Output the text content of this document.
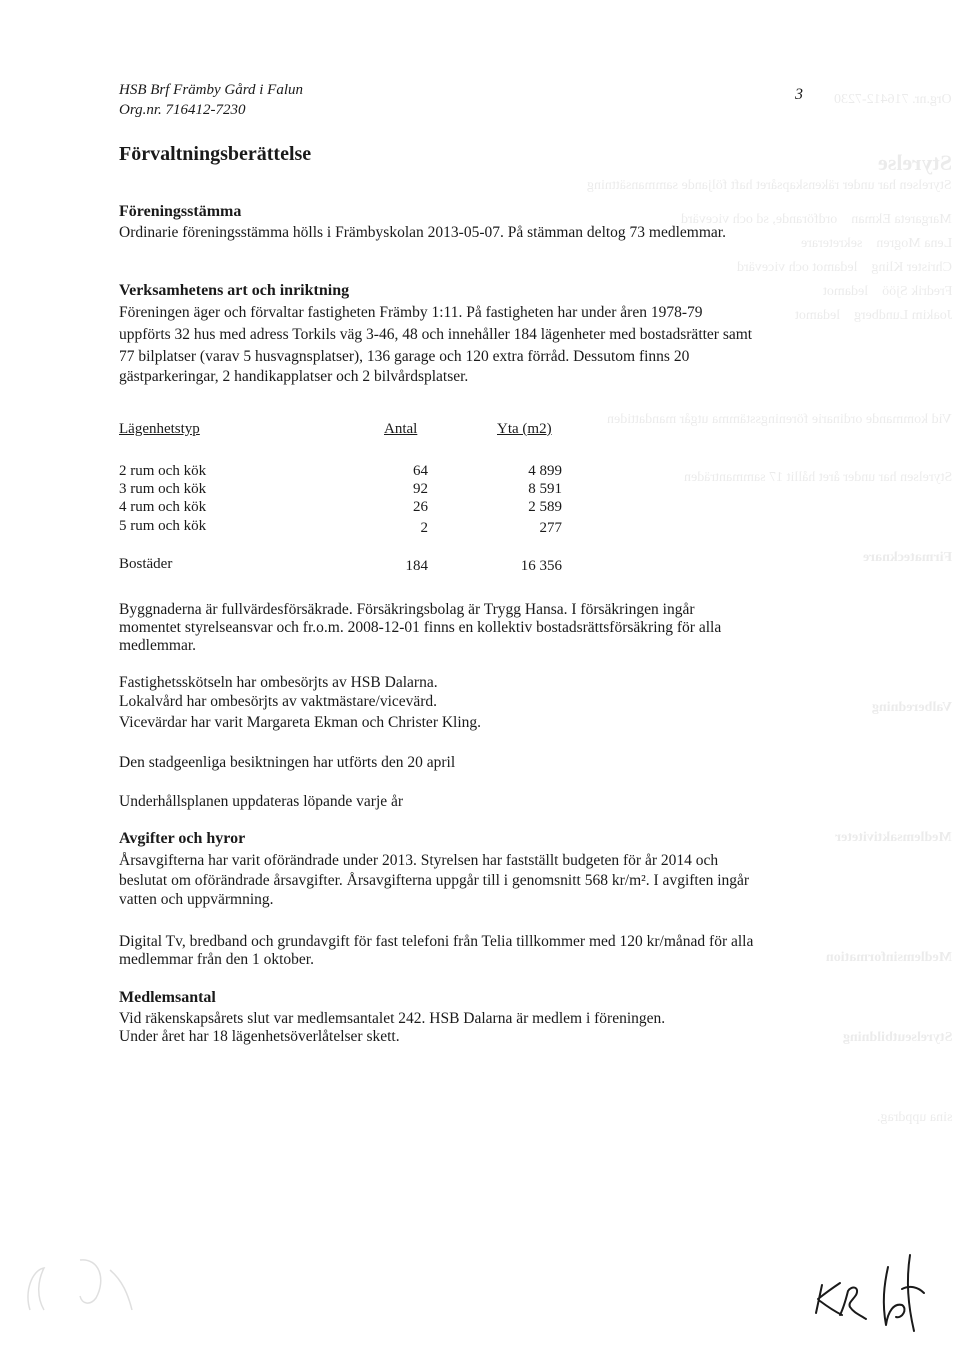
Org.nr. 716412-7230
Styrelse
Styrelsen har under räkenskapsåret haft följande sammansättning
Margareta Ekman    ordförande, sd och vicevärd
Lena Mogren    sekreterare
Christer Kling    ledamot och vicevärd
Fredrik Sjöö    ledamot
Joakim Lundberg    ledamot
Vid kommande ordinarie föreningsstämma utgår mandattiden
Styrelsen har under året hållit 17 sammanträden
Firmatecknare
Valberedning
Medlemsaktiviteter
Medlemsinformation
Styrelseutbildning
sina uppdrag.
HSB Brf Främby Gård i Falun
Org.nr. 716412-7230
3
Förvaltningsberättelse
Föreningsstämma
Ordinarie föreningsstämma hölls i Främbyskolan 2013-05-07. På stämman deltog 73 medlemmar.
Verksamhetens art och inriktning
Föreningen äger och förvaltar fastigheten Främby 1:11. På fastigheten har under åren 1978-79
uppförts 32 hus med adress Torkils väg 3-46, 48 och innehåller 184 lägenheter med bostadsrätter samt
77 bilplatser (varav 5 husvagnsplatser), 136 garage och 120 extra förråd. Dessutom finns 20
gästparkeringar, 2 handikapplatser och 2 bilvårdsplatser.
Lägenhetstyp	Antal	Yta (m2)
2 rum och kök	64	4 899
3 rum och kök	92	8 591
4 rum och kök	26	2 589
5 rum och kök	2	277
Bostäder	184	16 356
Byggnaderna är fullvärdesförsäkrade. Försäkringsbolag är Trygg Hansa. I försäkringen ingår
momentet styrelseansvar och fr.o.m. 2008-12-01 finns en kollektiv bostadsrättsförsäkring för alla
medlemmar.
Fastighetsskötseln har ombesörjts av HSB Dalarna.
Lokalvård har ombesörjts av vaktmästare/vicevärd.
Vicevärdar har varit Margareta Ekman och Christer Kling.
Den stadgeenliga besiktningen har utförts den 20 april
Underhållsplanen uppdateras löpande varje år
Avgifter och hyror
Årsavgifterna har varit oförändrade under 2013. Styrelsen har fastställt budgeten för år 2014 och
beslutat om oförändrade årsavgifter. Årsavgifterna uppgår till i genomsnitt 568 kr/m². I avgiften ingår
vatten och uppvärmning.
Digital Tv, bredband och grundavgift för fast telefoni från Telia tillkommer med 120 kr/månad för alla
medlemmar från den 1 oktober.
Medlemsantal
Vid räkenskapsårets slut var medlemsantalet 242. HSB Dalarna är medlem i föreningen.
Under året har 18 lägenhetsöverlåtelser skett.
